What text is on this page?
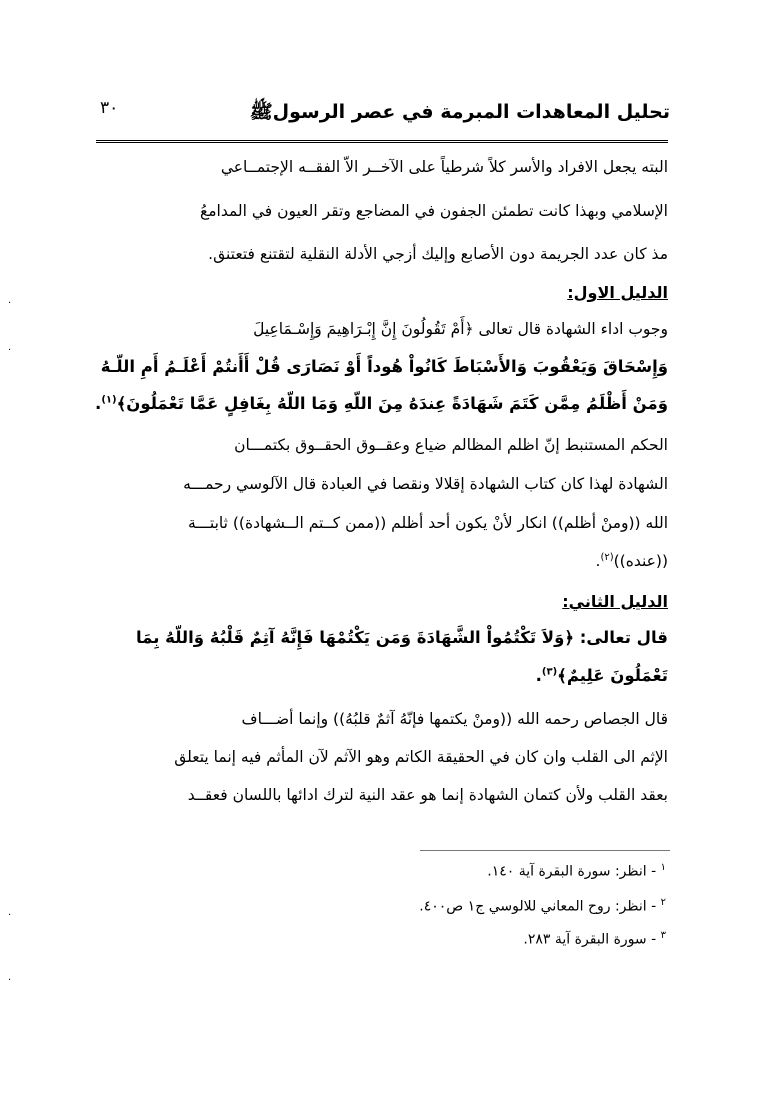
تحليل المعاهدات المبرمة في عصر الرسولﷺ
٣٠
البته يجعل الافراد والأسر كلاً شرطياً على الآخــر الاّ الفقــه الإجتمــاعي
الإسلامي وبهذا كانت تطمئن الجفون في المضاجع وتقر العيون في المدامعُ
مذ كان عدد الجريمة دون الأصابع وإليك أزجي الأدلة النقلية لتقتنع فتعتنق.
الدليل الاول:
وجوب اداء الشهادة قال تعالى ﴿أَمْ تَقُولُونَ إِنَّ إِبْـرَاهِيمَ وَإِسْـمَاعِيلَ
وَإِسْحَاقَ وَيَعْقُوبَ وَالأَسْبَاطَ كَانُواْ هُوداً أَوْ نَصَارَى قُلْ أَأَنتُمْ أَعْلَـمُ أَمِ اللّـهُ
وَمَنْ أَظْلَمُ مِمَّن كَتَمَ شَهَادَةً عِندَهُ مِنَ اللّهِ وَمَا اللّهُ بِغَافِلٍ عَمَّا تَعْمَلُونَ﴾$^{(١)}$.
الحكم المستنبط إنّ اظلم المظالم ضياع وعقــوق الحقــوق بكتمـــان
الشهادة لهذا كان كتاب الشهادة إقلالا ونقصا في العبادة قال الآلوسي رحمـــه
الله ((ومنْ أظلم)) انكار لأنْ يكون أحد أظلم ((ممن كــتم الــشهادة)) ثابتـــة
((عنده))$^{(٢)}$.
الدليل الثاني:
قال تعالى: ﴿وَلاَ تَكْتُمُواْ الشَّهَادَةَ وَمَن يَكْتُمْهَا فَإِنَّهُ آثِمٌ قَلْبُهُ وَاللّهُ بِمَا
تَعْمَلُونَ عَلِيمٌ﴾$^{(٣)}$.
قال الجصاص رحمه الله ((ومنْ يكتمها فإنّهُ آثمٌ قلبُهُ)) وإنما أضـــاف
الإثم الى القلب وان كان في الحقيقة الكاتم وهو الآثم لآن المأثم فيه إنما يتعلق
بعقد القلب ولأن كتمان الشهادة إنما هو عقد النية لترك ادائها باللسان فعقــد
$^١$ - انظر: سورة البقرة آية ١٤٠.
$^٢$ - انظر: روح المعاني للالوسي ج١ ص٤٠٠.
$^٣$ - سورة البقرة آية ٢٨٣.
·
·
·
·
